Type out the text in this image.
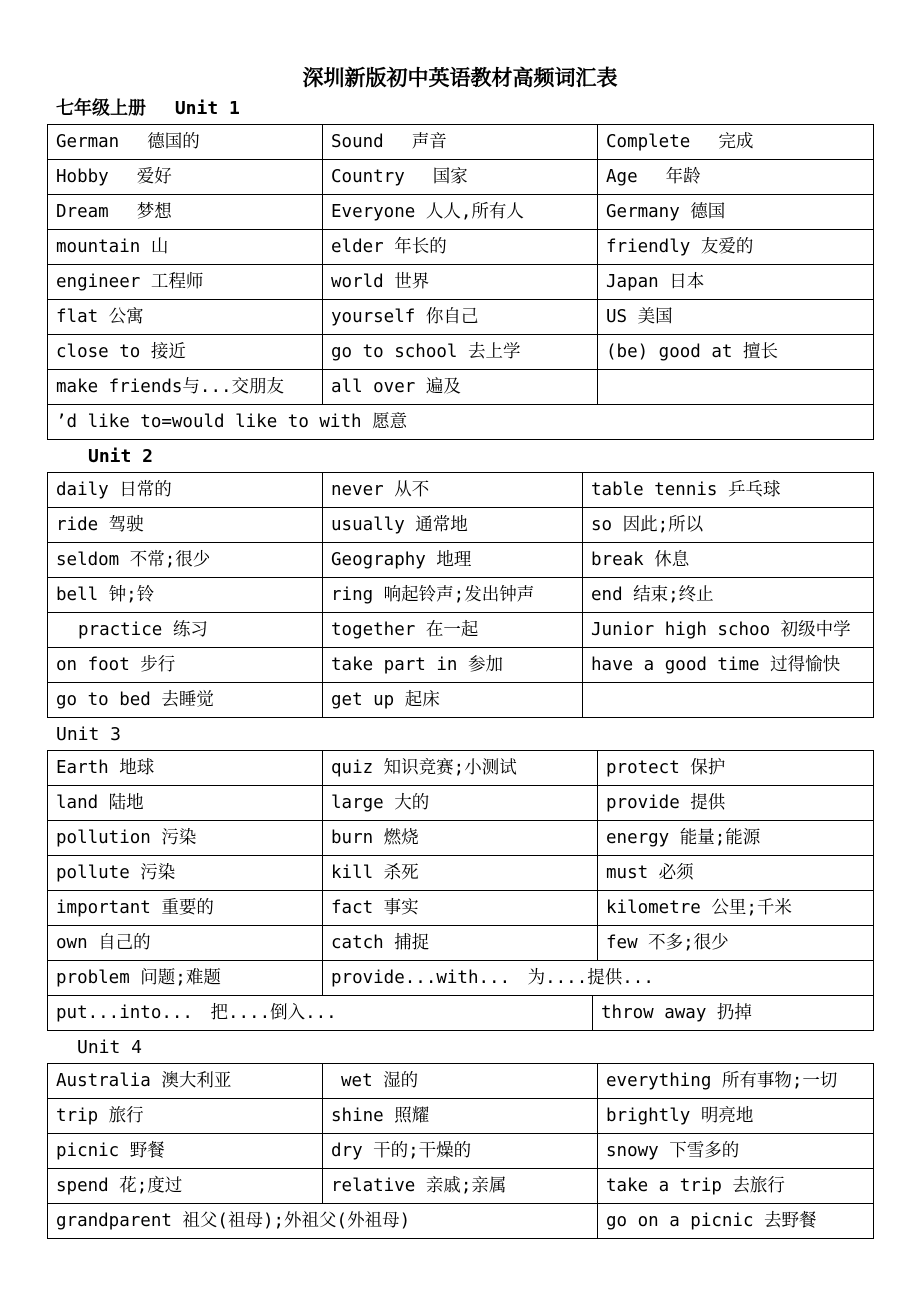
深圳新版初中英语教材高频词汇表
七年级上册　 Unit 1
German　 德国的	Sound　 声音	Complete　 完成
Hobby　 爱好	Country　 国家	Age　 年龄
Dream　 梦想	Everyone 人人,所有人	Germany 德国
mountain 山	elder 年长的	friendly 友爱的
engineer 工程师	world 世界	Japan 日本
flat 公寓	yourself 你自己	US 美国
close to 接近	go to school 去上学	(be) good at 擅长
make friends与...交朋友	all over 遍及	
’d like to=would like to with 愿意		
Unit 2
daily 日常的	never 从不	table tennis 乒乓球
ride 驾驶	usually 通常地	so 因此;所以
seldom 不常;很少	Geography 地理	break 休息
bell 钟;铃	ring 响起铃声;发出钟声	end 结束;终止
practice 练习	together 在一起	Junior high schoo 初级中学
on foot 步行	take part in 参加	have a good time 过得愉快
go to bed 去睡觉	get up 起床	
Unit 3
Earth 地球	quiz 知识竞赛;小测试	protect 保护
land 陆地	large 大的	provide 提供
pollution 污染	burn 燃烧	energy 能量;能源
pollute 污染	kill 杀死	must 必须
important 重要的	fact 事实	kilometre 公里;千米
own 自己的	catch 捕捉	few 不多;很少
problem 问题;难题	provide...with...　为....提供...	
put...into...　把....倒入...	throw away 扔掉
Unit 4
Australia 澳大利亚	wet 湿的	everything 所有事物;一切
trip 旅行	shine 照耀	brightly 明亮地
picnic 野餐	dry 干的;干燥的	snowy 下雪多的
spend 花;度过	relative 亲戚;亲属	take a trip 去旅行
grandparent 祖父(祖母);外祖父(外祖母)		go on a picnic 去野餐
